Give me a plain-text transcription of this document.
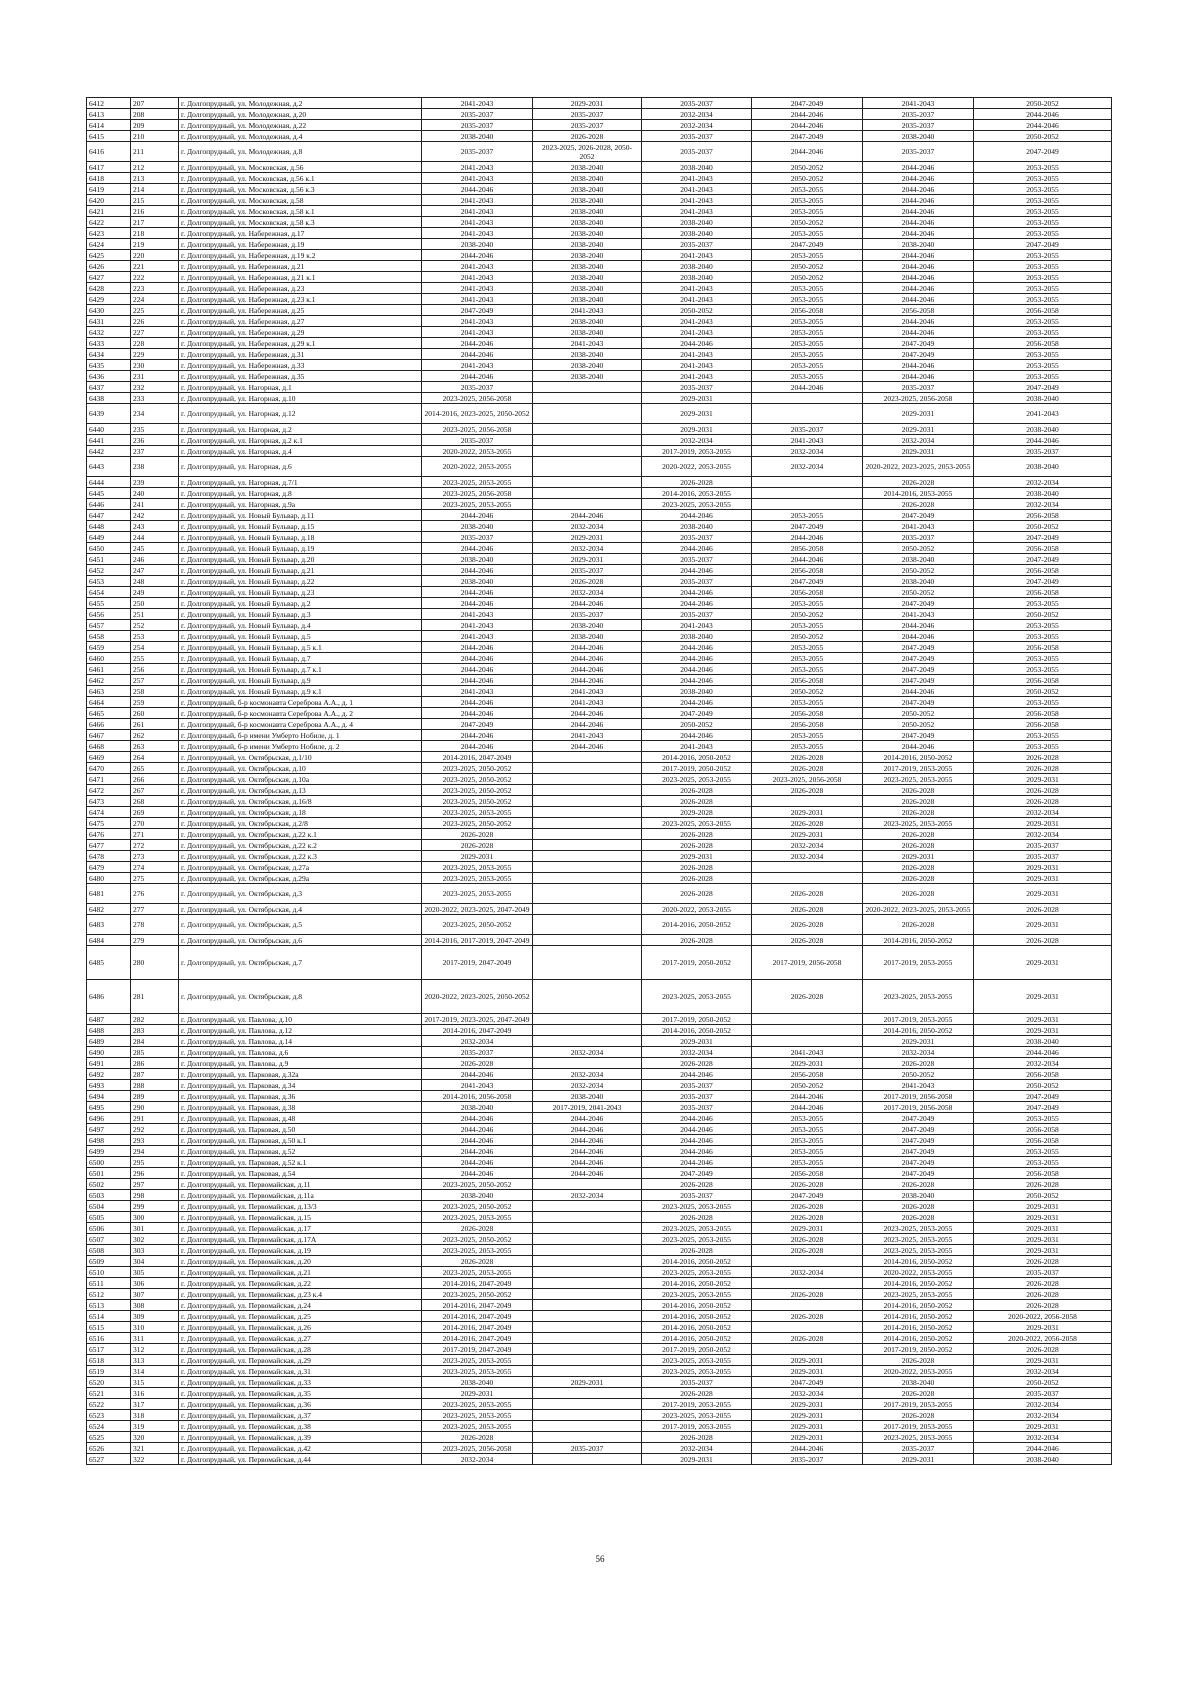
6412	207	г. Долгопрудный, ул. Молодежная, д.2	2041-2043	2029-2031	2035-2037	2047-2049	2041-2043	2050-2052
6413	208	г. Долгопрудный, ул. Молодежная, д.20	2035-2037	2035-2037	2032-2034	2044-2046	2035-2037	2044-2046
6414	209	г. Долгопрудный, ул. Молодежная, д.22	2035-2037	2035-2037	2032-2034	2044-2046	2035-2037	2044-2046
6415	210	г. Долгопрудный, ул. Молодежная, д.4	2038-2040	2026-2028	2035-2037	2047-2049	2038-2040	2050-2052
6416	211	г. Долгопрудный, ул. Молодежная, д.8	2035-2037	2023-2025, 2026-2028, 2050-2052	2035-2037	2044-2046	2035-2037	2047-2049
6417	212	г. Долгопрудный, ул. Московская, д.56	2041-2043	2038-2040	2038-2040	2050-2052	2044-2046	2053-2055
6418	213	г. Долгопрудный, ул. Московская, д.56 к.1	2041-2043	2038-2040	2041-2043	2050-2052	2044-2046	2053-2055
6419	214	г. Долгопрудный, ул. Московская, д.56 к.3	2044-2046	2038-2040	2041-2043	2053-2055	2044-2046	2053-2055
6420	215	г. Долгопрудный, ул. Московская, д.58	2041-2043	2038-2040	2041-2043	2053-2055	2044-2046	2053-2055
6421	216	г. Долгопрудный, ул. Московская, д.58 к.1	2041-2043	2038-2040	2041-2043	2053-2055	2044-2046	2053-2055
6422	217	г. Долгопрудный, ул. Московская, д.58 к.3	2041-2043	2038-2040	2038-2040	2050-2052	2044-2046	2053-2055
6423	218	г. Долгопрудный, ул. Набережная, д.17	2041-2043	2038-2040	2038-2040	2053-2055	2044-2046	2053-2055
6424	219	г. Долгопрудный, ул. Набережная, д.19	2038-2040	2038-2040	2035-2037	2047-2049	2038-2040	2047-2049
6425	220	г. Долгопрудный, ул. Набережная, д.19 к.2	2044-2046	2038-2040	2041-2043	2053-2055	2044-2046	2053-2055
6426	221	г. Долгопрудный, ул. Набережная, д.21	2041-2043	2038-2040	2038-2040	2050-2052	2044-2046	2053-2055
6427	222	г. Долгопрудный, ул. Набережная, д.21 к.1	2041-2043	2038-2040	2038-2040	2050-2052	2044-2046	2053-2055
6428	223	г. Долгопрудный, ул. Набережная, д.23	2041-2043	2038-2040	2041-2043	2053-2055	2044-2046	2053-2055
6429	224	г. Долгопрудный, ул. Набережная, д.23 к.1	2041-2043	2038-2040	2041-2043	2053-2055	2044-2046	2053-2055
6430	225	г. Долгопрудный, ул. Набережная, д.25	2047-2049	2041-2043	2050-2052	2056-2058	2056-2058	2056-2058
6431	226	г. Долгопрудный, ул. Набережная, д.27	2041-2043	2038-2040	2041-2043	2053-2055	2044-2046	2053-2055
6432	227	г. Долгопрудный, ул. Набережная, д.29	2041-2043	2038-2040	2041-2043	2053-2055	2044-2046	2053-2055
6433	228	г. Долгопрудный, ул. Набережная, д.29 к.1	2044-2046	2041-2043	2044-2046	2053-2055	2047-2049	2056-2058
6434	229	г. Долгопрудный, ул. Набережная, д.31	2044-2046	2038-2040	2041-2043	2053-2055	2047-2049	2053-2055
6435	230	г. Долгопрудный, ул. Набережная, д.33	2041-2043	2038-2040	2041-2043	2053-2055	2044-2046	2053-2055
6436	231	г. Долгопрудный, ул. Набережная, д.35	2044-2046	2038-2040	2041-2043	2053-2055	2044-2046	2053-2055
6437	232	г. Долгопрудный, ул. Нагорная, д.1	2035-2037		2035-2037	2044-2046	2035-2037	2047-2049
6438	233	г. Долгопрудный, ул. Нагорная, д.10	2023-2025, 2056-2058		2029-2031		2023-2025, 2056-2058	2038-2040
6439	234	г. Долгопрудный, ул. Нагорная, д.12	2014-2016, 2023-2025, 2050-2052		2029-2031		2029-2031	2041-2043
6440	235	г. Долгопрудный, ул. Нагорная, д.2	2023-2025, 2056-2058		2029-2031	2035-2037	2029-2031	2038-2040
6441	236	г. Долгопрудный, ул. Нагорная, д.2 к.1	2035-2037		2032-2034	2041-2043	2032-2034	2044-2046
6442	237	г. Долгопрудный, ул. Нагорная, д.4	2020-2022, 2053-2055		2017-2019, 2053-2055	2032-2034	2029-2031	2035-2037
6443	238	г. Долгопрудный, ул. Нагорная, д.6	2020-2022, 2053-2055		2020-2022, 2053-2055	2032-2034	2020-2022, 2023-2025, 2053-2055	2038-2040
6444	239	г. Долгопрудный, ул. Нагорная, д.7/1	2023-2025, 2053-2055		2026-2028		2026-2028	2032-2034
6445	240	г. Долгопрудный, ул. Нагорная, д.8	2023-2025, 2056-2058		2014-2016, 2053-2055		2014-2016, 2053-2055	2038-2040
6446	241	г. Долгопрудный, ул. Нагорная, д.9а	2023-2025, 2053-2055		2023-2025, 2053-2055		2026-2028	2032-2034
6447	242	г. Долгопрудный, ул. Новый Бульвар, д.11	2044-2046	2044-2046	2044-2046	2053-2055	2047-2049	2056-2058
6448	243	г. Долгопрудный, ул. Новый Бульвар, д.15	2038-2040	2032-2034	2038-2040	2047-2049	2041-2043	2050-2052
6449	244	г. Долгопрудный, ул. Новый Бульвар, д.18	2035-2037	2029-2031	2035-2037	2044-2046	2035-2037	2047-2049
6450	245	г. Долгопрудный, ул. Новый Бульвар, д.19	2044-2046	2032-2034	2044-2046	2056-2058	2050-2052	2056-2058
6451	246	г. Долгопрудный, ул. Новый Бульвар, д.20	2038-2040	2029-2031	2035-2037	2044-2046	2038-2040	2047-2049
6452	247	г. Долгопрудный, ул. Новый Бульвар, д.21	2044-2046	2035-2037	2044-2046	2056-2058	2050-2052	2056-2058
6453	248	г. Долгопрудный, ул. Новый Бульвар, д.22	2038-2040	2026-2028	2035-2037	2047-2049	2038-2040	2047-2049
6454	249	г. Долгопрудный, ул. Новый Бульвар, д.23	2044-2046	2032-2034	2044-2046	2056-2058	2050-2052	2056-2058
6455	250	г. Долгопрудный, ул. Новый Бульвар, д.2	2044-2046	2044-2046	2044-2046	2053-2055	2047-2049	2053-2055
6456	251	г. Долгопрудный, ул. Новый Бульвар, д.3	2041-2043	2035-2037	2035-2037	2050-2052	2041-2043	2050-2052
6457	252	г. Долгопрудный, ул. Новый Бульвар, д.4	2041-2043	2038-2040	2041-2043	2053-2055	2044-2046	2053-2055
6458	253	г. Долгопрудный, ул. Новый Бульвар, д.5	2041-2043	2038-2040	2038-2040	2050-2052	2044-2046	2053-2055
6459	254	г. Долгопрудный, ул. Новый Бульвар, д.5 к.1	2044-2046	2044-2046	2044-2046	2053-2055	2047-2049	2056-2058
6460	255	г. Долгопрудный, ул. Новый Бульвар, д.7	2044-2046	2044-2046	2044-2046	2053-2055	2047-2049	2053-2055
6461	256	г. Долгопрудный, ул. Новый Бульвар, д.7 к.1	2044-2046	2044-2046	2044-2046	2053-2055	2047-2049	2053-2055
6462	257	г. Долгопрудный, ул. Новый Бульвар, д.9	2044-2046	2044-2046	2044-2046	2056-2058	2047-2049	2056-2058
6463	258	г. Долгопрудный, ул. Новый Бульвар, д.9 к.1	2041-2043	2041-2043	2038-2040	2050-2052	2044-2046	2050-2052
6464	259	г. Долгопрудный, б-р космонавта Сереброва А.А., д. 1	2044-2046	2041-2043	2044-2046	2053-2055	2047-2049	2053-2055
6465	260	г. Долгопрудный, б-р космонавта Сереброва А.А., д. 2	2044-2046	2044-2046	2047-2049	2056-2058	2050-2052	2056-2058
6466	261	г. Долгопрудный, б-р космонавта Сереброва А.А., д. 4	2047-2049	2044-2046	2050-2052	2056-2058	2050-2052	2056-2058
6467	262	г. Долгопрудный, б-р имени Умберто Нобиле, д. 1	2044-2046	2041-2043	2044-2046	2053-2055	2047-2049	2053-2055
6468	263	г. Долгопрудный, б-р имени Умберто Нобиле, д. 2	2044-2046	2044-2046	2041-2043	2053-2055	2044-2046	2053-2055
6469	264	г. Долгопрудный, ул. Октябрьская, д.1/10	2014-2016, 2047-2049		2014-2016, 2050-2052	2026-2028	2014-2016, 2050-2052	2026-2028
6470	265	г. Долгопрудный, ул. Октябрьская, д.10	2023-2025, 2050-2052		2017-2019, 2050-2052	2026-2028	2017-2019, 2053-2055	2026-2028
6471	266	г. Долгопрудный, ул. Октябрьская, д.10а	2023-2025, 2050-2052		2023-2025, 2053-2055	2023-2025, 2056-2058	2023-2025, 2053-2055	2029-2031
6472	267	г. Долгопрудный, ул. Октябрьская, д.13	2023-2025, 2050-2052		2026-2028	2026-2028	2026-2028	2026-2028
6473	268	г. Долгопрудный, ул. Октябрьская, д.16/8	2023-2025, 2050-2052		2026-2028		2026-2028	2026-2028
6474	269	г. Долгопрудный, ул. Октябрьская, д.18	2023-2025, 2053-2055		2029-2028	2029-2031	2026-2028	2032-2034
6475	270	г. Долгопрудный, ул. Октябрьская, д.2/8	2023-2025, 2050-2052		2023-2025, 2053-2055	2026-2028	2023-2025, 2053-2055	2029-2031
6476	271	г. Долгопрудный, ул. Октябрьская, д.22 к.1	2026-2028		2026-2028	2029-2031	2026-2028	2032-2034
6477	272	г. Долгопрудный, ул. Октябрьская, д.22 к.2	2026-2028		2026-2028	2032-2034	2026-2028	2035-2037
6478	273	г. Долгопрудный, ул. Октябрьская, д.22 к.3	2029-2031		2029-2031	2032-2034	2029-2031	2035-2037
6479	274	г. Долгопрудный, ул. Октябрьская, д.27а	2023-2025, 2053-2055		2026-2028		2026-2028	2029-2031
6480	275	г. Долгопрудный, ул. Октябрьская, д.29а	2023-2025, 2053-2055		2026-2028		2026-2028	2029-2031
6481	276	г. Долгопрудный, ул. Октябрьская, д.3	2023-2025, 2053-2055		2026-2028	2026-2028	2026-2028	2029-2031
6482	277	г. Долгопрудный, ул. Октябрьская, д.4	2020-2022, 2023-2025, 2047-2049		2020-2022, 2053-2055	2026-2028	2020-2022, 2023-2025, 2053-2055	2026-2028
6483	278	г. Долгопрудный, ул. Октябрьская, д.5	2023-2025, 2050-2052		2014-2016, 2050-2052	2026-2028	2026-2028	2029-2031
6484	279	г. Долгопрудный, ул. Октябрьская, д.6	2014-2016, 2017-2019, 2047-2049		2026-2028	2026-2028	2014-2016, 2050-2052	2026-2028
6485	280	г. Долгопрудный, ул. Октябрьская, д.7	2017-2019, 2047-2049		2017-2019, 2050-2052	2017-2019, 2056-2058	2017-2019, 2053-2055	2029-2031
6486	281	г. Долгопрудный, ул. Октябрьская, д.8	2020-2022, 2023-2025, 2050-2052		2023-2025, 2053-2055	2026-2028	2023-2025, 2053-2055	2029-2031
6487	282	г. Долгопрудный, ул. Павлова, д.10	2017-2019, 2023-2025, 2047-2049		2017-2019, 2050-2052		2017-2019, 2053-2055	2029-2031
6488	283	г. Долгопрудный, ул. Павлова, д.12	2014-2016, 2047-2049		2014-2016, 2050-2052		2014-2016, 2050-2052	2029-2031
6489	284	г. Долгопрудный, ул. Павлова, д.14	2032-2034		2029-2031		2029-2031	2038-2040
6490	285	г. Долгопрудный, ул. Павлова, д.6	2035-2037	2032-2034	2032-2034	2041-2043	2032-2034	2044-2046
6491	286	г. Долгопрудный, ул. Павлова, д.9	2026-2028		2026-2028	2029-2031	2026-2028	2032-2034
6492	287	г. Долгопрудный, ул. Парковая, д.32а	2044-2046	2032-2034	2044-2046	2056-2058	2050-2052	2056-2058
6493	288	г. Долгопрудный, ул. Парковая, д.34	2041-2043	2032-2034	2035-2037	2050-2052	2041-2043	2050-2052
6494	289	г. Долгопрудный, ул. Парковая, д.36	2014-2016, 2056-2058	2038-2040	2035-2037	2044-2046	2017-2019, 2056-2058	2047-2049
6495	290	г. Долгопрудный, ул. Парковая, д.38	2038-2040	2017-2019, 2041-2043	2035-2037	2044-2046	2017-2019, 2056-2058	2047-2049
6496	291	г. Долгопрудный, ул. Парковая, д.48	2044-2046	2044-2046	2044-2046	2053-2055	2047-2049	2053-2055
6497	292	г. Долгопрудный, ул. Парковая, д.50	2044-2046	2044-2046	2044-2046	2053-2055	2047-2049	2056-2058
6498	293	г. Долгопрудный, ул. Парковая, д.50 к.1	2044-2046	2044-2046	2044-2046	2053-2055	2047-2049	2056-2058
6499	294	г. Долгопрудный, ул. Парковая, д.52	2044-2046	2044-2046	2044-2046	2053-2055	2047-2049	2053-2055
6500	295	г. Долгопрудный, ул. Парковая, д.52 к.1	2044-2046	2044-2046	2044-2046	2053-2055	2047-2049	2053-2055
6501	296	г. Долгопрудный, ул. Парковая, д.54	2044-2046	2044-2046	2047-2049	2056-2058	2047-2049	2056-2058
6502	297	г. Долгопрудный, ул. Первомайская, д.11	2023-2025, 2050-2052		2026-2028	2026-2028	2026-2028	2026-2028
6503	298	г. Долгопрудный, ул. Первомайская, д.11а	2038-2040	2032-2034	2035-2037	2047-2049	2038-2040	2050-2052
6504	299	г. Долгопрудный, ул. Первомайская, д.13/3	2023-2025, 2050-2052		2023-2025, 2053-2055	2026-2028	2026-2028	2029-2031
6505	300	г. Долгопрудный, ул. Первомайская, д.15	2023-2025, 2053-2055		2026-2028	2026-2028	2026-2028	2029-2031
6506	301	г. Долгопрудный, ул. Первомайская, д.17	2026-2028		2023-2025, 2053-2055	2029-2031	2023-2025, 2053-2055	2029-2031
6507	302	г. Долгопрудный, ул. Первомайская, д.17А	2023-2025, 2050-2052		2023-2025, 2053-2055	2026-2028	2023-2025, 2053-2055	2029-2031
6508	303	г. Долгопрудный, ул. Первомайская, д.19	2023-2025, 2053-2055		2026-2028	2026-2028	2023-2025, 2053-2055	2029-2031
6509	304	г. Долгопрудный, ул. Первомайская, д.20	2026-2028		2014-2016, 2050-2052		2014-2016, 2050-2052	2026-2028
6510	305	г. Долгопрудный, ул. Первомайская, д.21	2023-2025, 2053-2055		2023-2025, 2053-2055	2032-2034	2020-2022, 2053-2055	2035-2037
6511	306	г. Долгопрудный, ул. Первомайская, д.22	2014-2016, 2047-2049		2014-2016, 2050-2052		2014-2016, 2050-2052	2026-2028
6512	307	г. Долгопрудный, ул. Первомайская, д.23 к.4	2023-2025, 2050-2052		2023-2025, 2053-2055	2026-2028	2023-2025, 2053-2055	2026-2028
6513	308	г. Долгопрудный, ул. Первомайская, д.24	2014-2016, 2047-2049		2014-2016, 2050-2052		2014-2016, 2050-2052	2026-2028
6514	309	г. Долгопрудный, ул. Первомайская, д.25	2014-2016, 2047-2049		2014-2016, 2050-2052	2026-2028	2014-2016, 2050-2052	2020-2022, 2056-2058
6515	310	г. Долгопрудный, ул. Первомайская, д.26	2014-2016, 2047-2049		2014-2016, 2050-2052		2014-2016, 2050-2052	2029-2031
6516	311	г. Долгопрудный, ул. Первомайская, д.27	2014-2016, 2047-2049		2014-2016, 2050-2052	2026-2028	2014-2016, 2050-2052	2020-2022, 2056-2058
6517	312	г. Долгопрудный, ул. Первомайская, д.28	2017-2019, 2047-2049		2017-2019, 2050-2052		2017-2019, 2050-2052	2026-2028
6518	313	г. Долгопрудный, ул. Первомайская, д.29	2023-2025, 2053-2055		2023-2025, 2053-2055	2029-2031	2026-2028	2029-2031
6519	314	г. Долгопрудный, ул. Первомайская, д.31	2023-2025, 2053-2055		2023-2025, 2053-2055	2029-2031	2020-2022, 2053-2055	2032-2034
6520	315	г. Долгопрудный, ул. Первомайская, д.33	2038-2040	2029-2031	2035-2037	2047-2049	2038-2040	2050-2052
6521	316	г. Долгопрудный, ул. Первомайская, д.35	2029-2031		2026-2028	2032-2034	2026-2028	2035-2037
6522	317	г. Долгопрудный, ул. Первомайская, д.36	2023-2025, 2053-2055		2017-2019, 2053-2055	2029-2031	2017-2019, 2053-2055	2032-2034
6523	318	г. Долгопрудный, ул. Первомайская, д.37	2023-2025, 2053-2055		2023-2025, 2053-2055	2029-2031	2026-2028	2032-2034
6524	319	г. Долгопрудный, ул. Первомайская, д.38	2023-2025, 2053-2055		2017-2019, 2053-2055	2029-2031	2017-2019, 2053-2055	2029-2031
6525	320	г. Долгопрудный, ул. Первомайская, д.39	2026-2028		2026-2028	2029-2031	2023-2025, 2053-2055	2032-2034
6526	321	г. Долгопрудный, ул. Первомайская, д.42	2023-2025, 2056-2058	2035-2037	2032-2034	2044-2046	2035-2037	2044-2046
6527	322	г. Долгопрудный, ул. Первомайская, д.44	2032-2034		2029-2031	2035-2037	2029-2031	2038-2040
56
